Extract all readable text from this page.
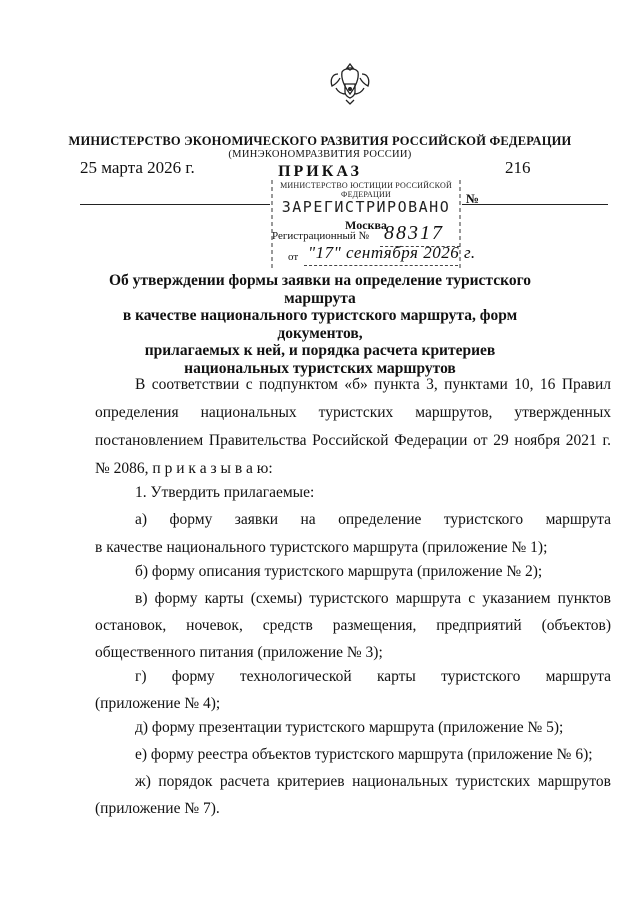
МИНИСТЕРСТВО ЭКОНОМИЧЕСКОГО РАЗВИТИЯ РОССИЙСКОЙ ФЕДЕРАЦИИ
(МИНЭКОНОМРАЗВИТИЯ РОССИИ)
25 марта 2026 г.	ПРИКАЗ	216
№
МИНИСТЕРСТВО ЮСТИЦИИ РОССИЙСКОЙ ФЕДЕРАЦИИ
ЗАРЕГИСТРИРОВАНО
Москва
Регистрационный № 88317
от "17" сентября 2026 г.
Об утверждении формы заявки на определение туристского маршрута
в качестве национального туристского маршрута, форм документов,
прилагаемых к ней, и порядка расчета критериев
национальных туристских маршрутов
В соответствии с подпунктом «б» пункта 3, пунктами 10, 16 Правил
определения национальных туристских маршрутов, утвержденных
постановлением Правительства Российской Федерации от 29 ноября 2021 г.
№ 2086, п р и к а з ы в а ю:
1. Утвердить прилагаемые:
а) форму заявки на определение туристского маршрута
в качестве национального туристского маршрута (приложение № 1);
б) форму описания туристского маршрута (приложение № 2);
в) форму карты (схемы) туристского маршрута с указанием пунктов
остановок, ночевок, средств размещения, предприятий (объектов)
общественного питания (приложение № 3);
г) форму технологической карты туристского маршрута
(приложение № 4);
д) форму презентации туристского маршрута (приложение № 5);
е) форму реестра объектов туристского маршрута (приложение № 6);
ж) порядок расчета критериев национальных туристских маршрутов
(приложение № 7).
